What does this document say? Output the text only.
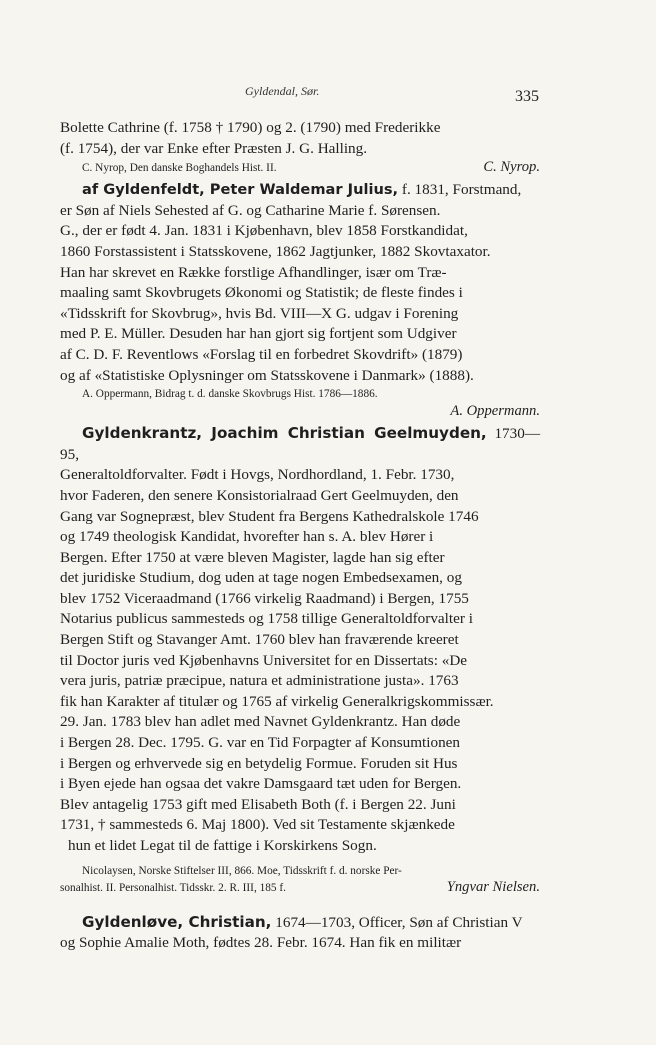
Gyldendal, Sør.	335

Bolette Cathrine (f. 1758 † 1790) og 2. (1790) med Frederikke

(f. 1754), der var Enke efter Præsten J. G. Halling.

C. Nyrop, Den danske Boghandels Hist. II.	C. Nyrop.

af Gyldenfeldt, Peter Waldemar Julius, f. 1831, Forstmand,

er Søn af Niels Sehested af G. og Catharine Marie f. Sørensen.

G., der er født 4. Jan. 1831 i Kjøbenhavn, blev 1858 Forstkandidat,

1860 Forstassistent i Statsskovene, 1862 Jagtjunker, 1882 Skovtaxator.

Han har skrevet en Række forstlige Afhandlinger, især om Træ-

maaling samt Skovbrugets Økonomi og Statistik; de fleste findes i

«Tidsskrift for Skovbrug», hvis Bd. VIII—X G. udgav i Forening

med P. E. Müller. Desuden har han gjort sig fortjent som Udgiver

af C. D. F. Reventlows «Forslag til en forbedret Skovdrift» (1879)

og af «Statistiske Oplysninger om Statsskovene i Danmark» (1888).

A. Oppermann, Bidrag t. d. danske Skovbrugs Hist. 1786—1886.

A. Oppermann.

Gyldenkrantz, Joachim Christian Geelmuyden, 1730—95,

Generaltoldforvalter. Født i Hovgs, Nordhordland, 1. Febr. 1730,

hvor Faderen, den senere Konsistorialraad Gert Geelmuyden, den

Gang var Sognepræst, blev Student fra Bergens Kathedralskole 1746

og 1749 theologisk Kandidat, hvorefter han s. A. blev Hører i

Bergen. Efter 1750 at være bleven Magister, lagde han sig efter

det juridiske Studium, dog uden at tage nogen Embedsexamen, og

blev 1752 Viceraadmand (1766 virkelig Raadmand) i Bergen, 1755

Notarius publicus sammesteds og 1758 tillige Generaltoldforvalter i

Bergen Stift og Stavanger Amt. 1760 blev han fraværende kreeret

til Doctor juris ved Kjøbenhavns Universitet for en Dissertats: «De

vera juris, patriæ præcipue, natura et administratione justa». 1763

fik han Karakter af titulær og 1765 af virkelig Generalkrigskommissær.

29. Jan. 1783 blev han adlet med Navnet Gyldenkrantz. Han døde

i Bergen 28. Dec. 1795. G. var en Tid Forpagter af Konsumtionen

i Bergen og erhvervede sig en betydelig Formue. Foruden sit Hus

i Byen ejede han ogsaa det vakre Damsgaard tæt uden for Bergen.

Blev antagelig 1753 gift med Elisabeth Both (f. i Bergen 22. Juni

1731, † sammesteds 6. Maj 1800). Ved sit Testamente skjænkede

hun et lidet Legat til de fattige i Korskirkens Sogn.

Nicolaysen, Norske Stiftelser III, 866. Moe, Tidsskrift f. d. norske Per-

sonalhist. II. Personalhist. Tidsskr. 2. R. III, 185 f.	Yngvar Nielsen.

Gyldenløve, Christian, 1674—1703, Officer, Søn af Christian V

og Sophie Amalie Moth, fødtes 28. Febr. 1674. Han fik en militær
